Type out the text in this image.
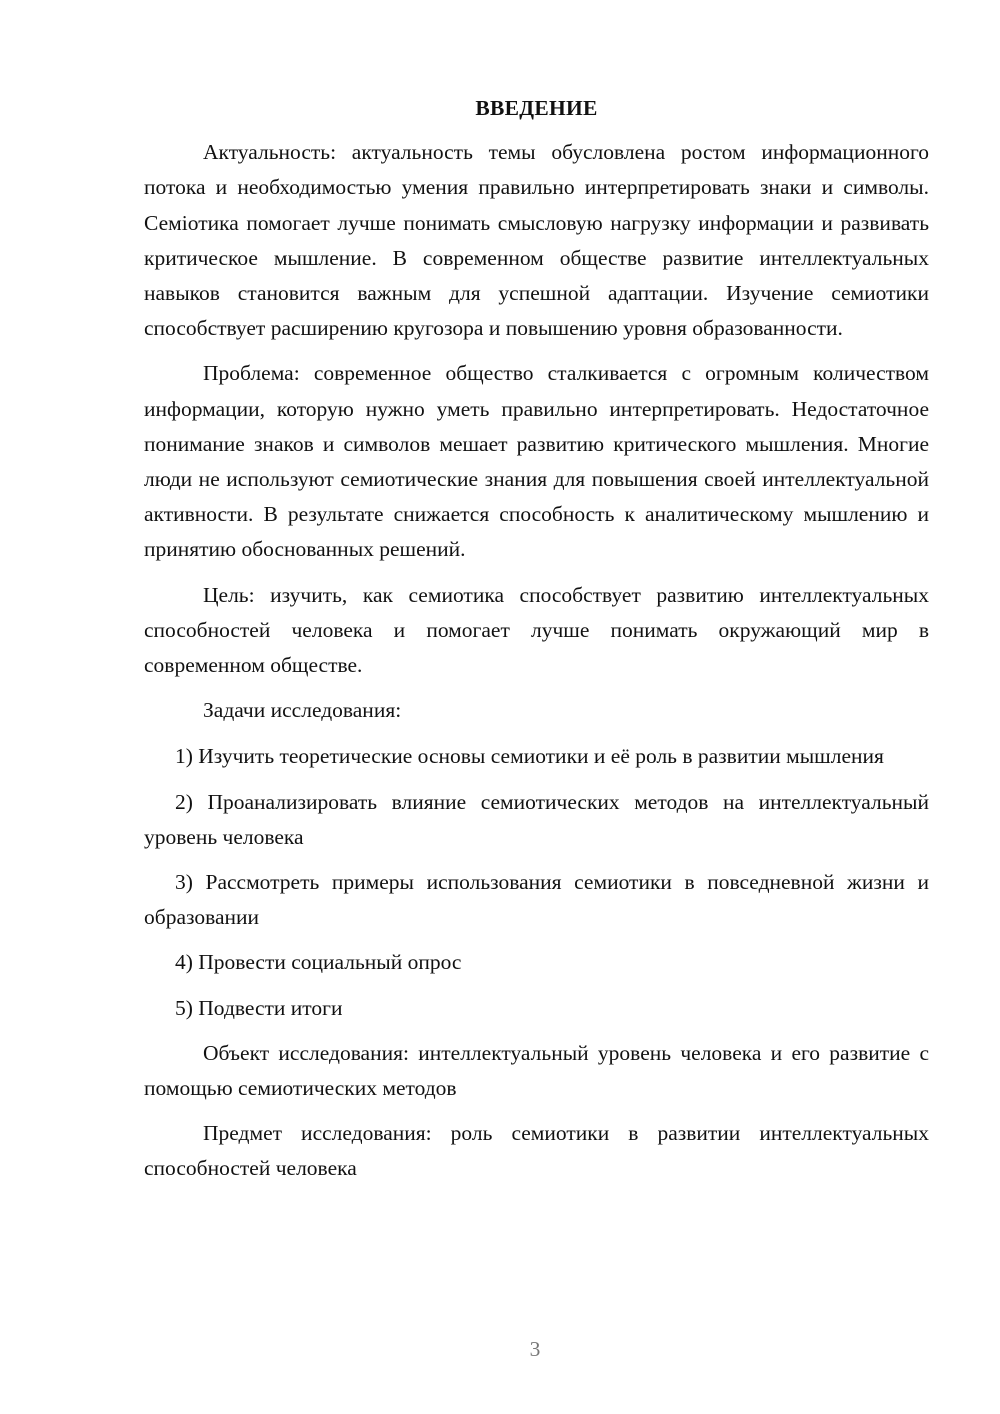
ВВЕДЕНИЕ

Актуальность: актуальность темы обусловлена ростом информационного потока и необходимостью умения правильно интерпретировать знаки и символы. Семіотика помогает лучше понимать смысловую нагрузку информации и развивать критическое мышление. В современном обществе развитие интеллектуальных навыков становится важным для успешной адаптации. Изучение семиотики способствует расширению кругозора и повышению уровня образованности.

Проблема: современное общество сталкивается с огромным количеством информации, которую нужно уметь правильно интерпретировать. Недостаточное понимание знаков и символов мешает развитию критического мышления. Многие люди не используют семиотические знания для повышения своей интеллектуальной активности. В результате снижается способность к аналитическому мышлению и принятию обоснованных решений.

Цель: изучить, как семиотика способствует развитию интеллектуальных способностей человека и помогает лучше понимать окружающий мир в современном обществе.

Задачи исследования:

1) Изучить теоретические основы семиотики и её роль в развитии мышления

2) Проанализировать влияние семиотических методов на интеллектуальный уровень человека

3) Рассмотреть примеры использования семиотики в повседневной жизни и образовании

4) Провести социальный опрос

5) Подвести итоги

Объект исследования: интеллектуальный уровень человека и его развитие с помощью семиотических методов

Предмет исследования: роль семиотики в развитии интеллектуальных способностей человека

3
